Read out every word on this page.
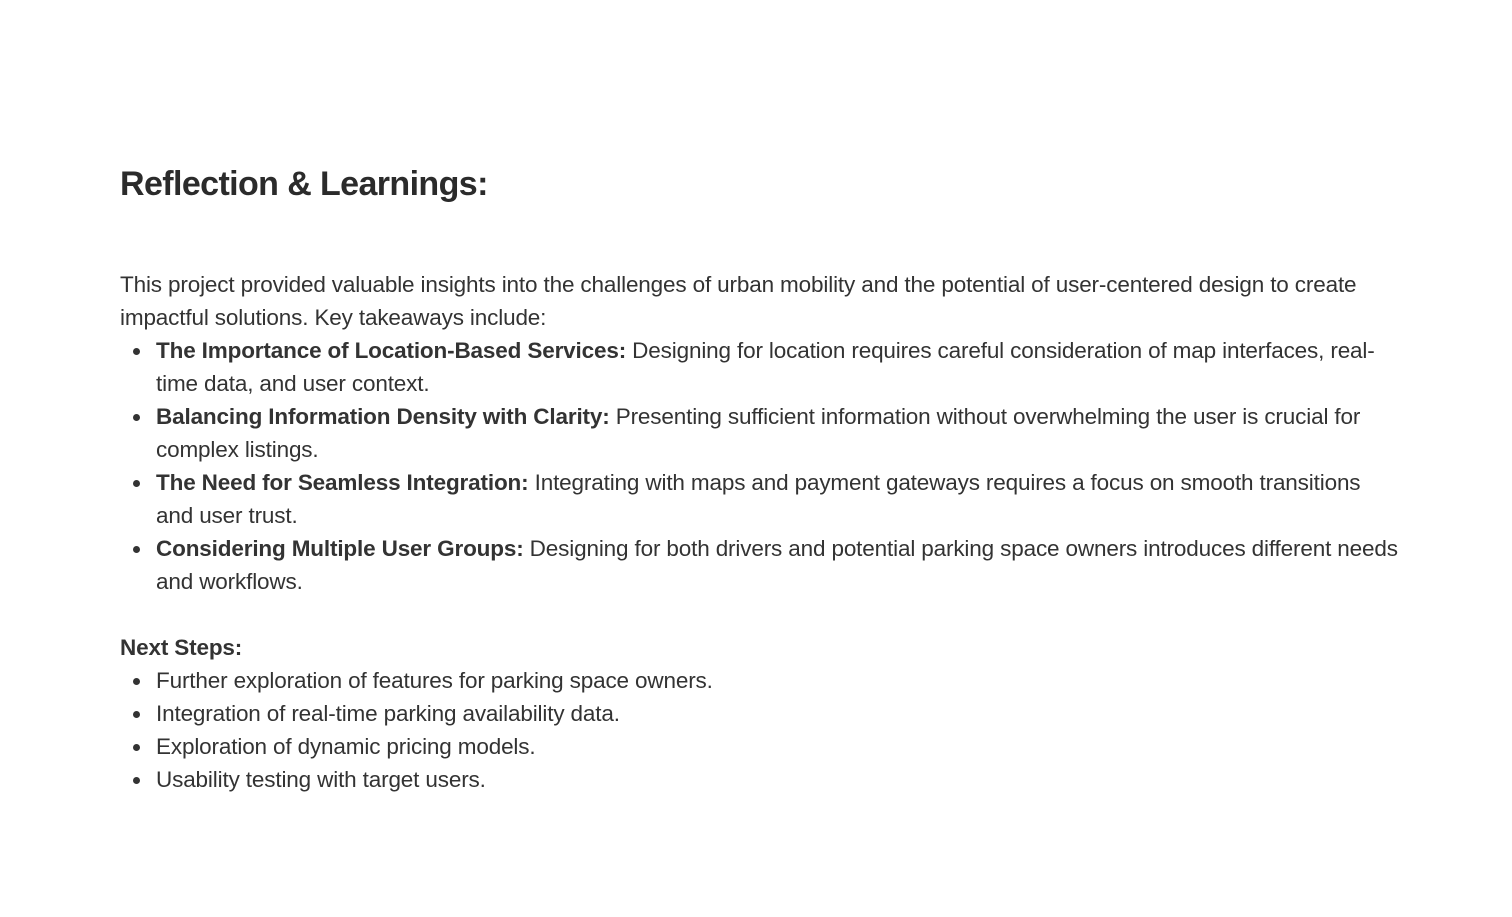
Reflection & Learnings:

This project provided valuable insights into the challenges of urban mobility and the potential of user-centered design to create impactful solutions. Key takeaways include:

The Importance of Location-Based Services: Designing for location requires careful consideration of map interfaces, real-time data, and user context.
Balancing Information Density with Clarity: Presenting sufficient information without overwhelming the user is crucial for complex listings.
The Need for Seamless Integration: Integrating with maps and payment gateways requires a focus on smooth transitions and user trust.
Considering Multiple User Groups: Designing for both drivers and potential parking space owners introduces different needs and workflows.

Next Steps:

Further exploration of features for parking space owners.
Integration of real-time parking availability data.
Exploration of dynamic pricing models.
Usability testing with target users.
